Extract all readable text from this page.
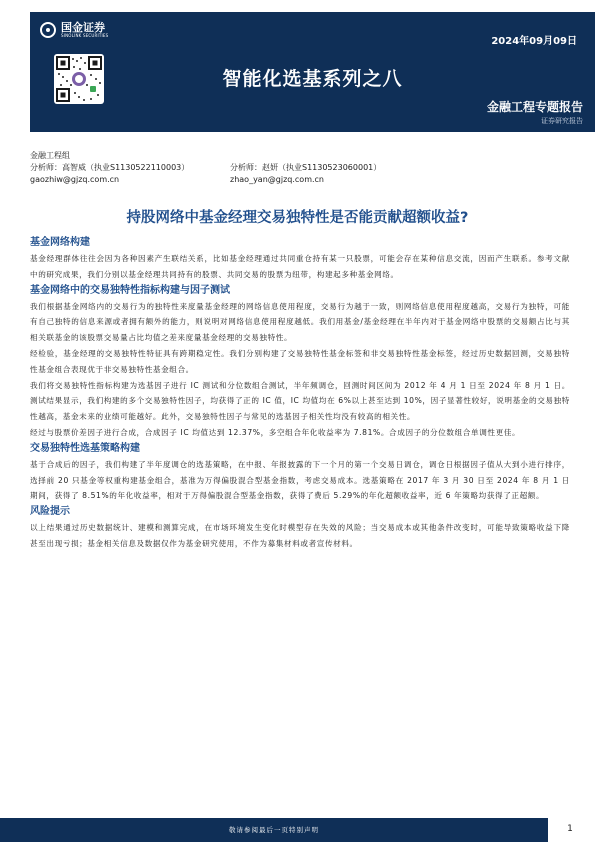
国金证券
SINOLINK SECURITIES
2024年09月09日
智能化选基系列之八
金融工程专题报告
证券研究报告
金融工程组
分析师：高智威（执业S1130522110003）	分析师：赵妍（执业S1130523060001）
gaozhiw@gjzq.com.cn	zhao_yan@gjzq.com.cn
持股网络中基金经理交易独特性是否能贡献超额收益?
基金网络构建

基金经理群体往往会因为各种因素产生联结关系，比如基金经理通过共同重仓持有某一只股票，可能会存在某种信息交流，因而产生联系。参考文献中的研究成果，我们分别以基金经理共同持有的股票、共同交易的股票为纽带，构建起多种基金网络。

基金网络中的交易独特性指标构建与因子测试

我们根据基金网络内的交易行为的独特性来度量基金经理的网络信息使用程度，交易行为越于一致，则网络信息使用程度越高，交易行为独特，可能有自己独特的信息来源或者拥有额外的能力，则说明对网络信息使用程度越低。我们用基金/基金经理在半年内对于基金网络中股票的交易额占比与其相关联基金的该股票交易量占比均值之差来度量基金经理的交易独特性。

经检验，基金经理的交易独特性特征具有跨期稳定性。我们分别构建了交易独特性基金标签和非交易独特性基金标签，经过历史数据回测，交易独特性基金组合表现优于非交易独特性基金组合。

我们将交易独特性指标构建为选基因子进行 IC 测试和分位数组合测试，半年频调仓，回测时间区间为 2012 年 4 月 1 日至 2024 年 8 月 1 日。测试结果显示，我们构建的多个交易独特性因子，均获得了正的 IC 值，IC 均值均在 6%以上甚至达到 10%，因子显著性较好，说明基金的交易独特性越高，基金未来的业绩可能越好。此外，交易独特性因子与常见的选基因子相关性均没有较高的相关性。

经过与股票价差因子进行合成，合成因子 IC 均值达到 12.37%，多空组合年化收益率为 7.81%。合成因子的分位数组合单调性更佳。

交易独特性选基策略构建

基于合成后的因子，我们构建了半年度调仓的选基策略，在中报、年报披露的下一个月的第一个交易日调仓，调仓日根据因子值从大到小进行排序，选择前 20 只基金等权重构建基金组合，基准为万得偏股混合型基金指数，考虑交易成本。选基策略在 2017 年 3 月 30 日至 2024 年 8 月 1 日期间，获得了 8.51%的年化收益率，相对于万得偏股混合型基金指数，获得了费后 5.29%的年化超额收益率，近 6 年策略均获得了正超额。

风险提示

以上结果通过历史数据统计、建模和测算完成，在市场环境发生变化时模型存在失效的风险；当交易成本或其他条件改变时，可能导致策略收益下降甚至出现亏损；基金相关信息及数据仅作为基金研究使用，不作为募集材料或者宣传材料。

敬请参阅最后一页特别声明	1
